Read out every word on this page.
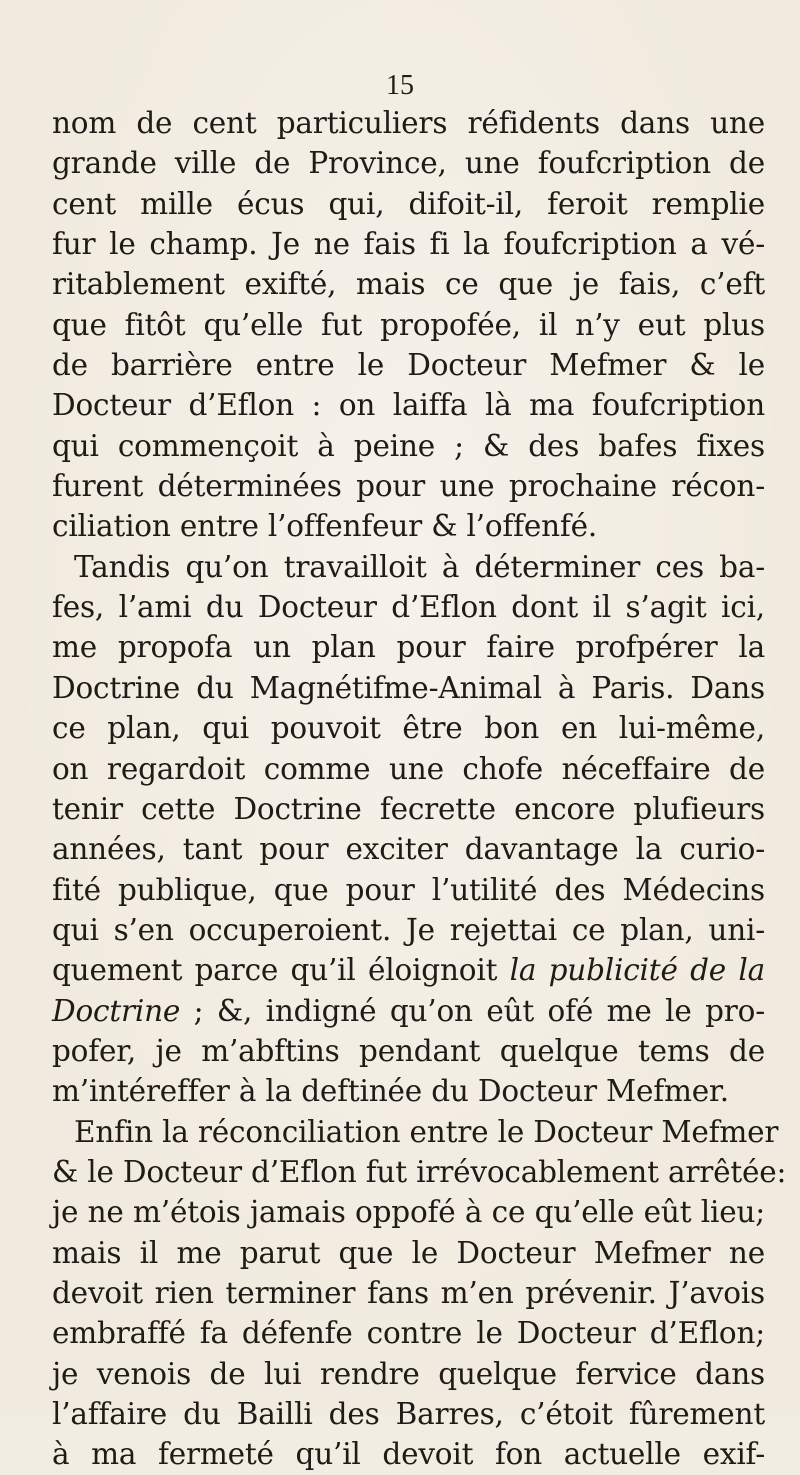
15
nom de cent particuliers réfidents dans une
grande ville de Province, une foufcription de
cent mille écus qui, difoit-il, feroit remplie
fur le champ. Je ne fais fi la foufcription a vé-
ritablement exifté, mais ce que je fais, c’eft
que fitôt qu’elle fut propofée, il n’y eut plus
de barrière entre le Docteur Mefmer & le
Docteur d’Eflon : on laiffa là ma foufcription
qui commençoit à peine ; & des bafes fixes
furent déterminées pour une prochaine récon-
ciliation entre l’offenfeur & l’offenfé.
Tandis qu’on travailloit à déterminer ces ba-
fes, l’ami du Docteur d’Eflon dont il s’agit ici,
me propofa un plan pour faire profpérer la
Doctrine du Magnétifme-Animal à Paris. Dans
ce plan, qui pouvoit être bon en lui-même,
on regardoit comme une chofe néceffaire de
tenir cette Doctrine fecrette encore plufieurs
années, tant pour exciter davantage la curio-
fité publique, que pour l’utilité des Médecins
qui s’en occuperoient. Je rejettai ce plan, uni-
quement parce qu’il éloignoit la publicité de la
Doctrine ; &, indigné qu’on eût ofé me le pro-
pofer, je m’abftins pendant quelque tems de
m’intéreffer à la deftinée du Docteur Mefmer.
Enfin la réconciliation entre le Docteur Mefmer
& le Docteur d’Eflon fut irrévocablement arrêtée:
je ne m’étois jamais oppofé à ce qu’elle eût lieu;
mais il me parut que le Docteur Mefmer ne
devoit rien terminer fans m’en prévenir. J’avois
embraffé fa défenfe contre le Docteur d’Eflon;
je venois de lui rendre quelque fervice dans
l’affaire du Bailli des Barres, c’étoit fûrement
à ma fermeté qu’il devoit fon actuelle exif-
